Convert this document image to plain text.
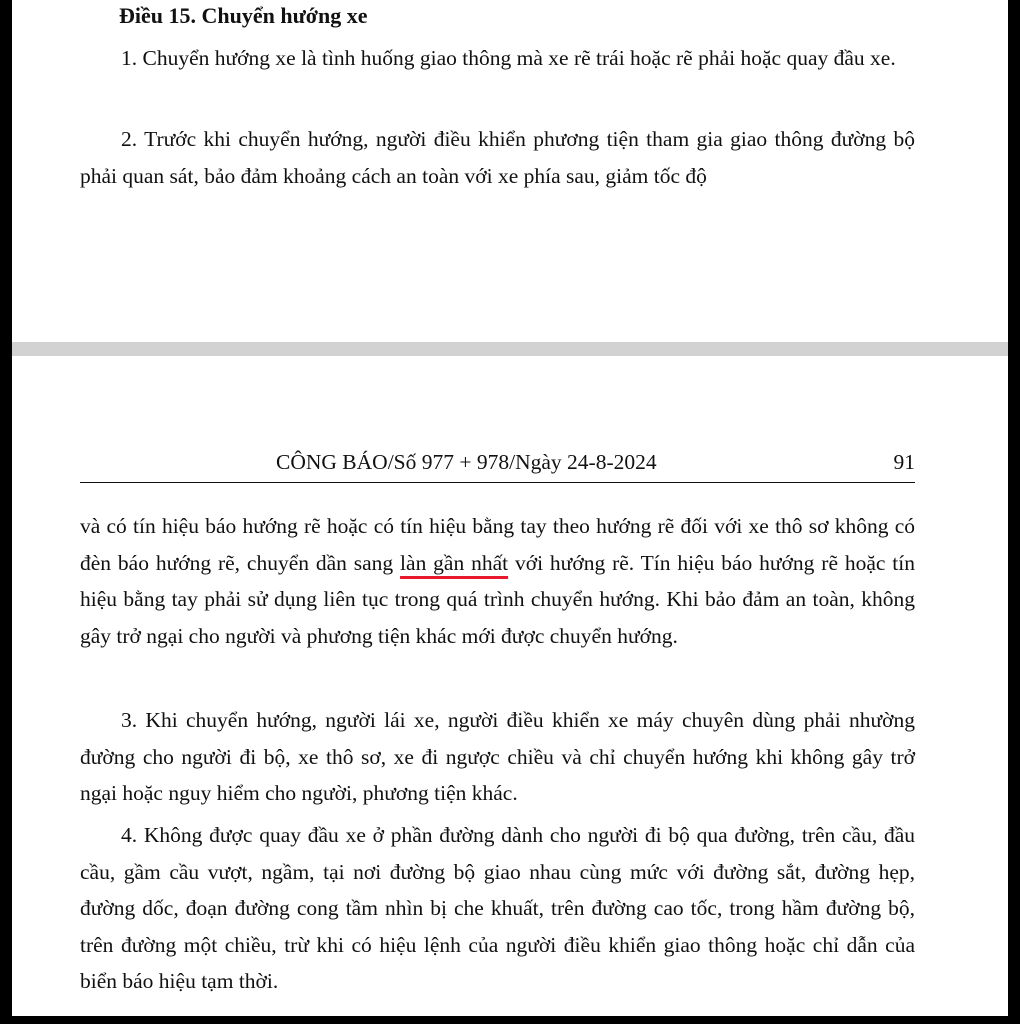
Điều 15. Chuyển hướng xe

1. Chuyển hướng xe là tình huống giao thông mà xe rẽ trái hoặc rẽ phải hoặc quay đầu xe.

2. Trước khi chuyển hướng, người điều khiển phương tiện tham gia giao thông đường bộ phải quan sát, bảo đảm khoảng cách an toàn với xe phía sau, giảm tốc độ

CÔNG BÁO/Số 977 + 978/Ngày 24-8-2024	91

và có tín hiệu báo hướng rẽ hoặc có tín hiệu bằng tay theo hướng rẽ đối với xe thô sơ không có đèn báo hướng rẽ, chuyển dần sang làn gần nhất với hướng rẽ. Tín hiệu báo hướng rẽ hoặc tín hiệu bằng tay phải sử dụng liên tục trong quá trình chuyển hướng. Khi bảo đảm an toàn, không gây trở ngại cho người và phương tiện khác mới được chuyển hướng.

3. Khi chuyển hướng, người lái xe, người điều khiển xe máy chuyên dùng phải nhường đường cho người đi bộ, xe thô sơ, xe đi ngược chiều và chỉ chuyển hướng khi không gây trở ngại hoặc nguy hiểm cho người, phương tiện khác.

4. Không được quay đầu xe ở phần đường dành cho người đi bộ qua đường, trên cầu, đầu cầu, gầm cầu vượt, ngầm, tại nơi đường bộ giao nhau cùng mức với đường sắt, đường hẹp, đường dốc, đoạn đường cong tầm nhìn bị che khuất, trên đường cao tốc, trong hầm đường bộ, trên đường một chiều, trừ khi có hiệu lệnh của người điều khiển giao thông hoặc chỉ dẫn của biển báo hiệu tạm thời.
